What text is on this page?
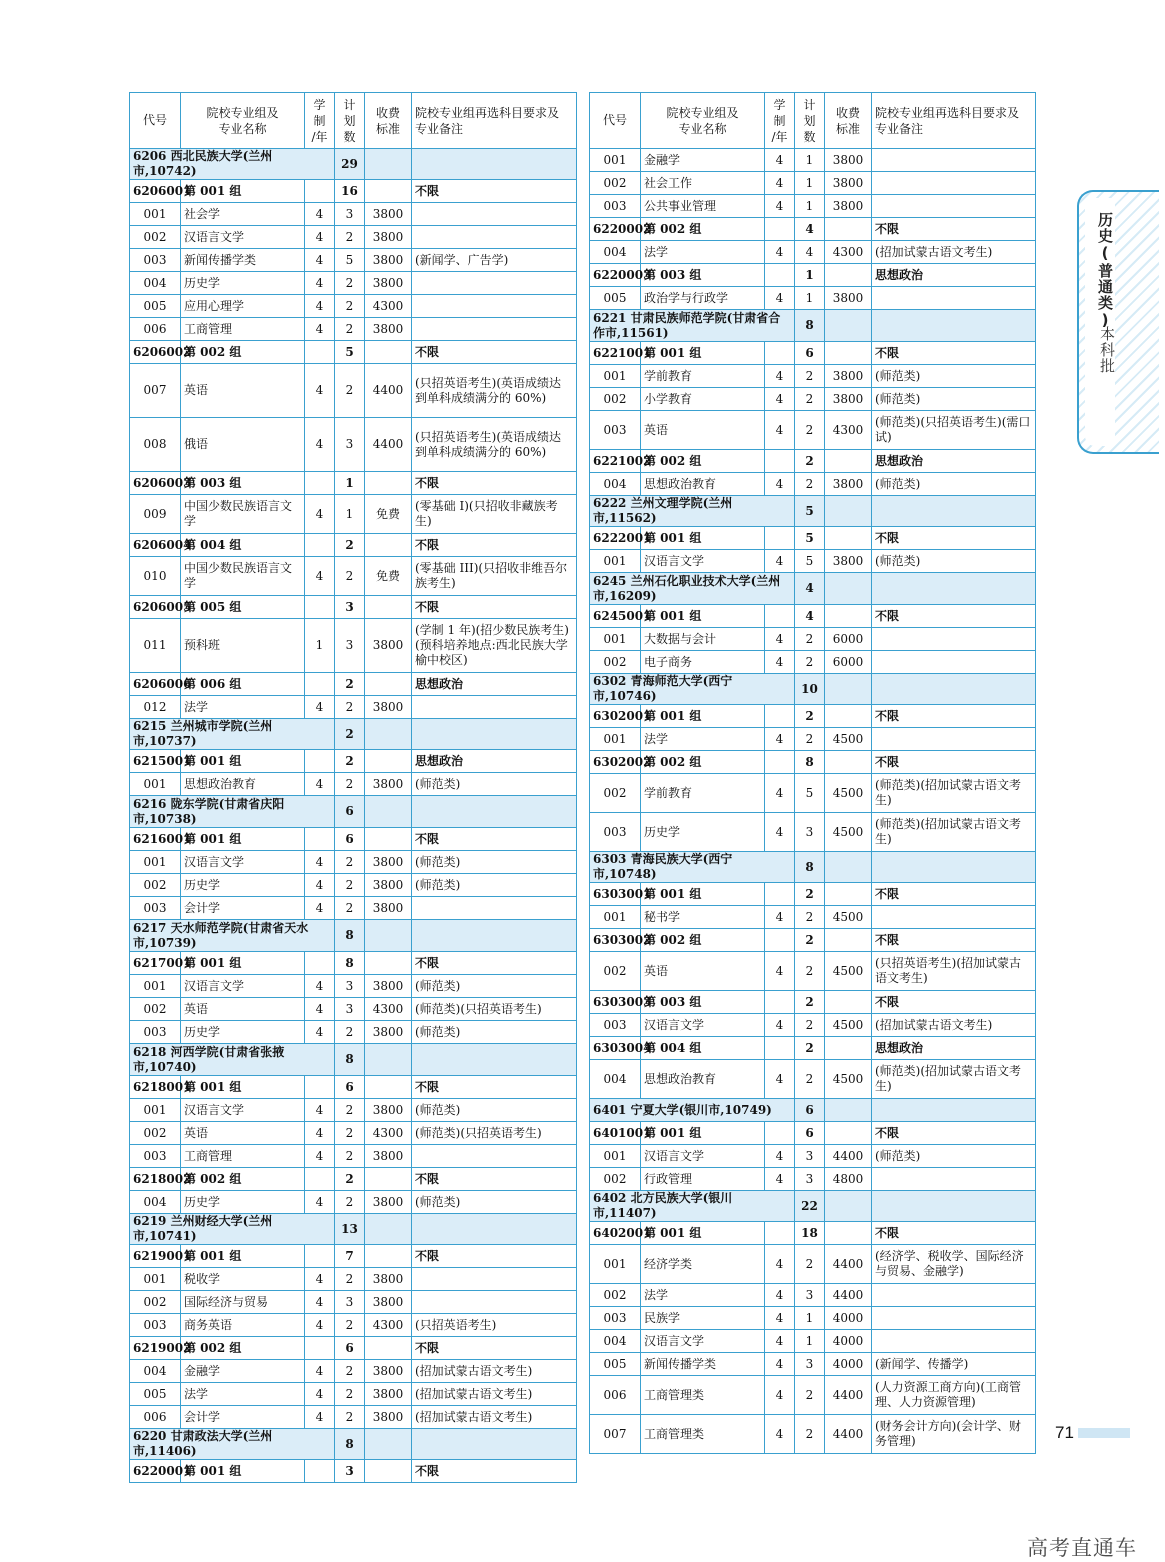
代号	院校专业组及
专业名称	学
制
/年	计
划
数	收费
标准	院校专业组再选科目要求及
专业备注

6206 西北民族大学(兰州市,10742)			29		
6206001	第 001 组		16		不限
001	社会学	4	3	3800	
002	汉语言文学	4	2	3800	
003	新闻传播学类	4	5	3800	(新闻学、广告学)
004	历史学	4	2	3800	
005	应用心理学	4	2	4300	
006	工商管理	4	2	3800	
6206002	第 002 组		5		不限
007	英语	4	2	4400	(只招英语考生)(英语成绩达到单科成绩满分的 60%)
008	俄语	4	3	4400	(只招英语考生)(英语成绩达到单科成绩满分的 60%)
6206003	第 003 组		1		不限
009	中国少数民族语言文学	4	1	免费	(零基础 I)(只招收非藏族考生)
6206004	第 004 组		2		不限
010	中国少数民族语言文学	4	2	免费	(零基础 III)(只招收非维吾尔族考生)
6206005	第 005 组		3		不限
011	预科班	1	3	3800	(学制 1 年)(招少数民族考生)(预科培养地点:西北民族大学榆中校区)
6206006	第 006 组		2		思想政治
012	法学	4	2	3800	
6215 兰州城市学院(兰州市,10737)			2		
6215001	第 001 组		2		思想政治
001	思想政治教育	4	2	3800	(师范类)
6216 陇东学院(甘肃省庆阳市,10738)			6		
6216001	第 001 组		6		不限
001	汉语言文学	4	2	3800	(师范类)
002	历史学	4	2	3800	(师范类)
003	会计学	4	2	3800	
6217 天水师范学院(甘肃省天水市,10739)			8		
6217001	第 001 组		8		不限
001	汉语言文学	4	3	3800	(师范类)
002	英语	4	3	4300	(师范类)(只招英语考生)
003	历史学	4	2	3800	(师范类)
6218 河西学院(甘肃省张掖市,10740)			8		
6218001	第 001 组		6		不限
001	汉语言文学	4	2	3800	(师范类)
002	英语	4	2	4300	(师范类)(只招英语考生)
003	工商管理	4	2	3800	
6218002	第 002 组		2		不限
004	历史学	4	2	3800	(师范类)
6219 兰州财经大学(兰州市,10741)			13		
6219001	第 001 组		7		不限
001	税收学	4	2	3800	
002	国际经济与贸易	4	3	3800	
003	商务英语	4	2	4300	(只招英语考生)
6219002	第 002 组		6		不限
004	金融学	4	2	3800	(招加试蒙古语文考生)
005	法学	4	2	3800	(招加试蒙古语文考生)
006	会计学	4	2	3800	(招加试蒙古语文考生)
6220 甘肃政法大学(兰州市,11406)			8		
6220001	第 001 组		3		不限
代号	院校专业组及
专业名称	学
制
/年	计
划
数	收费
标准	院校专业组再选科目要求及
专业备注

001	金融学	4	1	3800	
002	社会工作	4	1	3800	
003	公共事业管理	4	1	3800	
6220002	第 002 组		4		不限
004	法学	4	4	4300	(招加试蒙古语文考生)
6220003	第 003 组		1		思想政治
005	政治学与行政学	4	1	3800	
6221 甘肃民族师范学院(甘肃省合作市,11561)			8		
6221001	第 001 组		6		不限
001	学前教育	4	2	3800	(师范类)
002	小学教育	4	2	3800	(师范类)
003	英语	4	2	4300	(师范类)(只招英语考生)(需口试)
6221002	第 002 组		2		思想政治
004	思想政治教育	4	2	3800	(师范类)
6222 兰州文理学院(兰州市,11562)			5		
6222001	第 001 组		5		不限
001	汉语言文学	4	5	3800	(师范类)
6245 兰州石化职业技术大学(兰州市,16209)			4		
6245001	第 001 组		4		不限
001	大数据与会计	4	2	6000	
002	电子商务	4	2	6000	
6302 青海师范大学(西宁市,10746)			10		
6302001	第 001 组		2		不限
001	法学	4	2	4500	
6302002	第 002 组		8		不限
002	学前教育	4	5	4500	(师范类)(招加试蒙古语文考生)
003	历史学	4	3	4500	(师范类)(招加试蒙古语文考生)
6303 青海民族大学(西宁市,10748)			8		
6303001	第 001 组		2		不限
001	秘书学	4	2	4500	
6303002	第 002 组		2		不限
002	英语	4	2	4500	(只招英语考生)(招加试蒙古语文考生)
6303003	第 003 组		2		不限
003	汉语言文学	4	2	4500	(招加试蒙古语文考生)
6303004	第 004 组		2		思想政治
004	思想政治教育	4	2	4500	(师范类)(招加试蒙古语文考生)
6401 宁夏大学(银川市,10749)			6		
6401001	第 001 组		6		不限
001	汉语言文学	4	3	4400	(师范类)
002	行政管理	4	3	4800	
6402 北方民族大学(银川市,11407)			22		
6402001	第 001 组		18		不限
001	经济学类	4	2	4400	(经济学、税收学、国际经济与贸易、金融学)
002	法学	4	3	4400	
003	民族学	4	1	4000	
004	汉语言文学	4	1	4000	
005	新闻传播学类	4	3	4000	(新闻学、传播学)
006	工商管理类	4	2	4400	(人力资源工商方向)(工商管理、人力资源管理)
007	工商管理类	4	2	4400	(财务会计方向)(会计学、财务管理)
历史(普通类)
本科批
71
高考直通车
